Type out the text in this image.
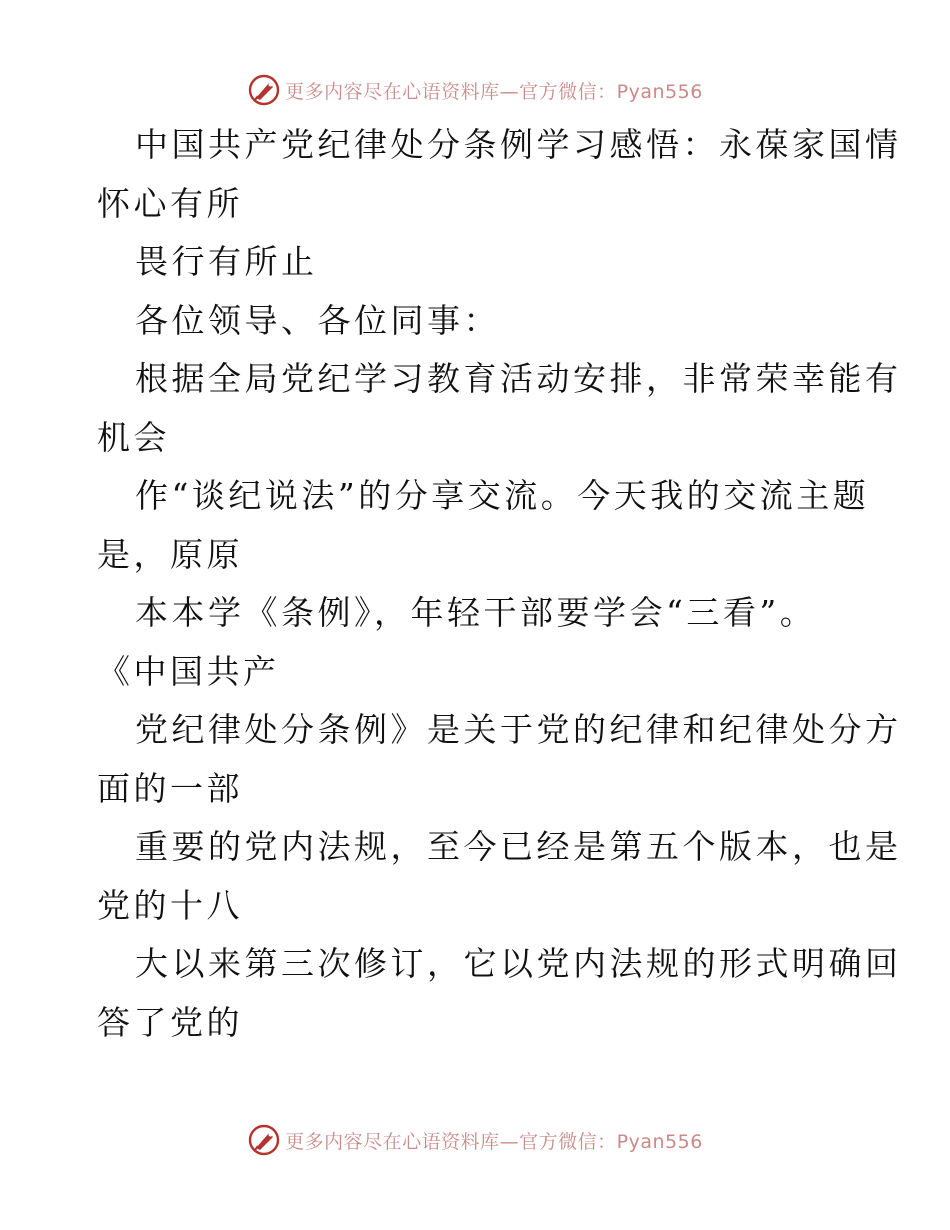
更多内容尽在心语资料库—官方微信：Pyan556
中国共产党纪律处分条例学习感悟：永葆家国情
怀心有所
畏行有所止
各位领导、各位同事：
根据全局党纪学习教育活动安排，非常荣幸能有
机会
作“谈纪说法”的分享交流。今天我的交流主题
是，原原
本本学《条例》，年轻干部要学会“三看”。
《中国共产
党纪律处分条例》是关于党的纪律和纪律处分方
面的一部
重要的党内法规，至今已经是第五个版本，也是
党的十八
大以来第三次修订，它以党内法规的形式明确回
答了党的
更多内容尽在心语资料库—官方微信：Pyan556
